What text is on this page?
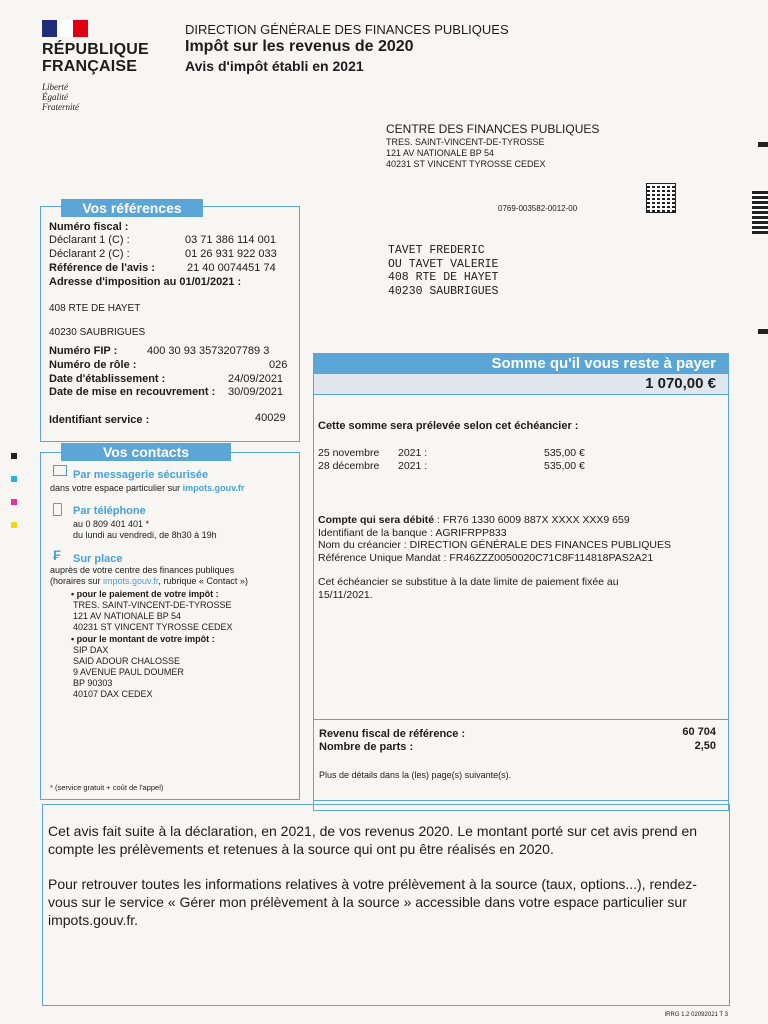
RÉPUBLIQUE
FRANÇAISE
Liberté
Égalité
Fraternité
DIRECTION GÉNÉRALE DES FINANCES PUBLIQUES
Impôt sur les revenus de 2020
Avis d'impôt établi en 2021
CENTRE DES FINANCES PUBLIQUES
TRES. SAINT-VINCENT-DE-TYROSSE
121 AV NATIONALE BP 54
40231 ST VINCENT TYROSSE CEDEX
0769-003582-0012-00
TAVET FREDERIC
OU TAVET VALERIE
408 RTE DE HAYET
40230 SAUBRIGUES
Vos références
Numéro fiscal :
Déclarant 1 (C) :	03 71 386 114 001
Déclarant 2 (C) :	01 26 931 922 033
Référence de l'avis :	21 40 0074451 74
Adresse d'imposition au 01/01/2021 :
408 RTE DE HAYET
40230 SAUBRIGUES
Numéro FIP :	400 30 93 3573207789 3
Numéro de rôle :	026
Date d'établissement :	24/09/2021
Date de mise en recouvrement : 30/09/2021
Identifiant service :	40029
Vos contacts
Par messagerie sécurisée
dans votre espace particulier sur impots.gouv.fr
Par téléphone
au 0 809 401 401 *
du lundi au vendredi, de 8h30 à 19h
₣ Sur place
auprès de votre centre des finances publiques
(horaires sur impots.gouv.fr, rubrique « Contact »)
• pour le paiement de votre impôt :
TRES. SAINT-VINCENT-DE-TYROSSE
121 AV NATIONALE BP 54
40231 ST VINCENT TYROSSE CEDEX
• pour le montant de votre impôt :
SIP DAX
SAID ADOUR CHALOSSE
9 AVENUE PAUL DOUMER
BP 90303
40107 DAX CEDEX
* (service gratuit + coût de l'appel)
Somme qu'il vous reste à payer
1 070,00 €
Cette somme sera prélevée selon cet échéancier :
25 novembre 2021 :	535,00 €
28 décembre 2021 :	535,00 €
Compte qui sera débité : FR76 1330 6009 887X XXXX XXX9 659
Identifiant de la banque : AGRIFRPP833
Nom du créancier : DIRECTION GÉNÉRALE DES FINANCES PUBLIQUES
Référence Unique Mandat : FR46ZZZ0050020C71C8F114818PAS2A21
Cet échéancier se substitue à la date limite de paiement fixée au
15/11/2021.
Revenu fiscal de référence :	60 704
Nombre de parts :	2,50
Plus de détails dans la (les) page(s) suivante(s).
Cet avis fait suite à la déclaration, en 2021, de vos revenus 2020. Le montant porté sur cet avis prend en compte les prélèvements et retenues à la source qui ont pu être réalisés en 2020.
Pour retrouver toutes les informations relatives à votre prélèvement à la source (taux, options...), rendez-vous sur le service « Gérer mon prélèvement à la source » accessible dans votre espace particulier sur impots.gouv.fr.
IRRG 1.2 02092021 T 3
